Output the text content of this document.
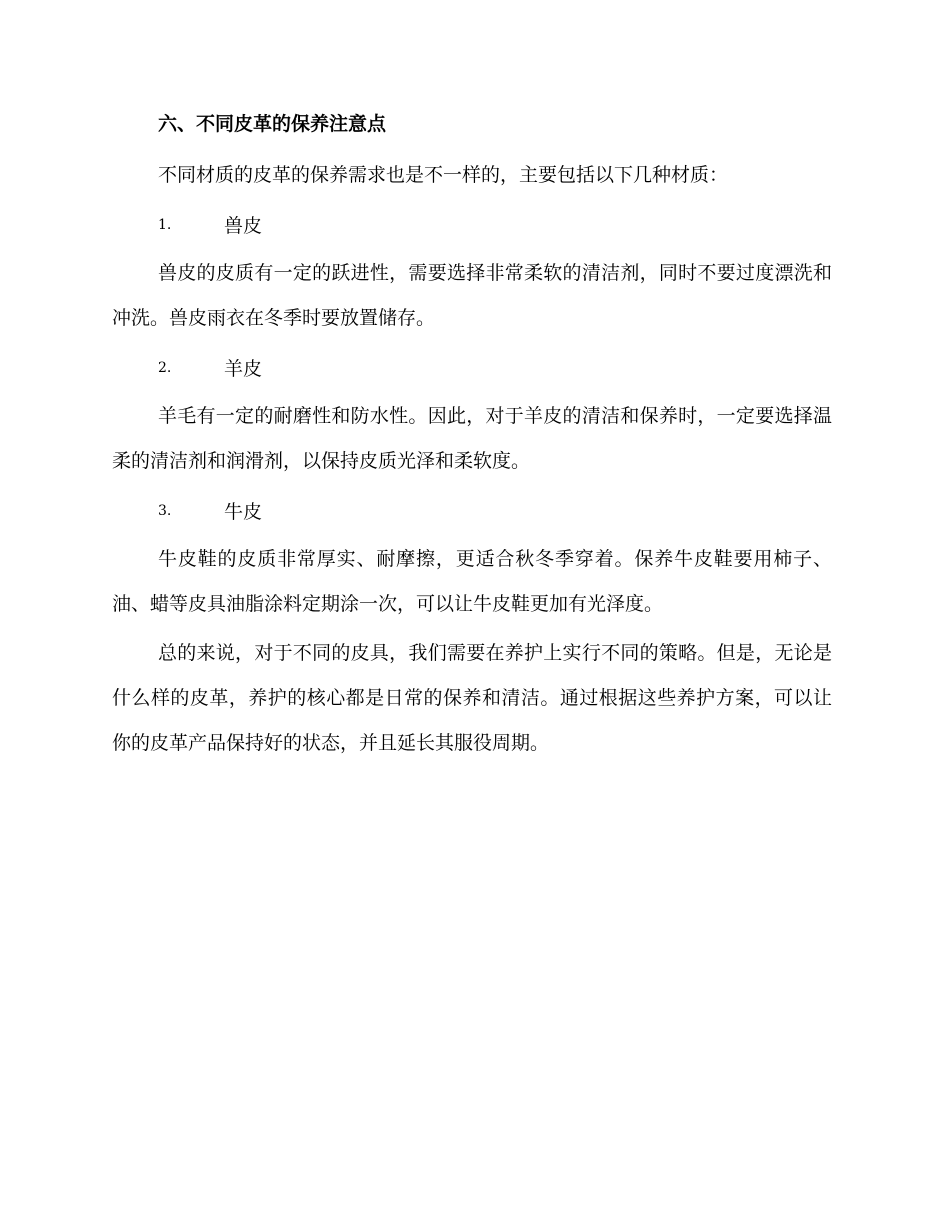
六、不同皮革的保养注意点

不同材质的皮革的保养需求也是不一样的，主要包括以下几种材质：

1.	兽皮

兽皮的皮质有一定的跃进性，需要选择非常柔软的清洁剂，同时不要过度漂洗和冲洗。兽皮雨衣在冬季时要放置储存。

2.	羊皮

羊毛有一定的耐磨性和防水性。因此，对于羊皮的清洁和保养时，一定要选择温柔的清洁剂和润滑剂，以保持皮质光泽和柔软度。

3.	牛皮

牛皮鞋的皮质非常厚实、耐摩擦，更适合秋冬季穿着。保养牛皮鞋要用柿子、油、蜡等皮具油脂涂料定期涂一次，可以让牛皮鞋更加有光泽度。

总的来说，对于不同的皮具，我们需要在养护上实行不同的策略。但是，无论是什么样的皮革，养护的核心都是日常的保养和清洁。通过根据这些养护方案，可以让你的皮革产品保持好的状态，并且延长其服役周期。
